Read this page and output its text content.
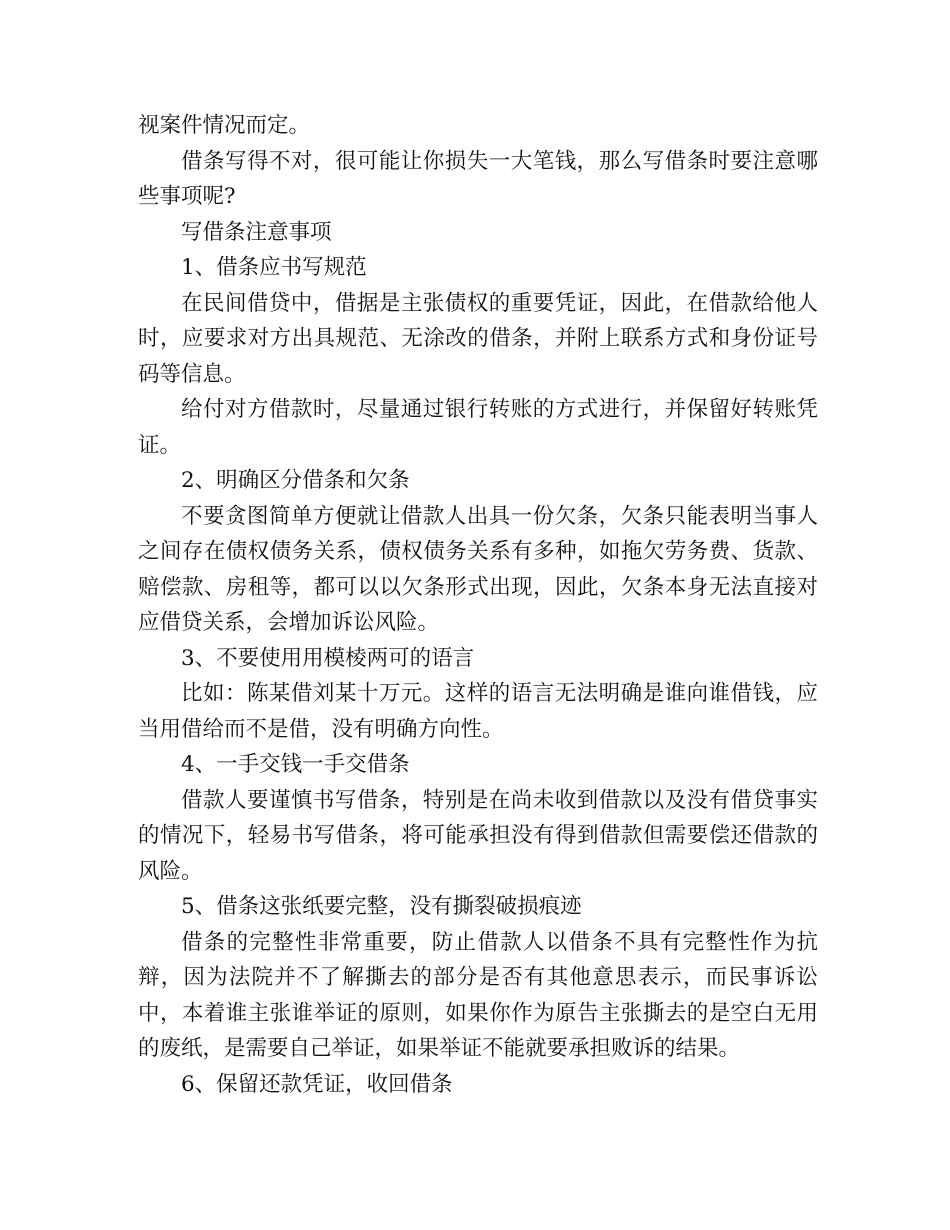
视案件情况而定。

借条写得不对，很可能让你损失一大笔钱，那么写借条时要注意哪些事项呢?

写借条注意事项

1、借条应书写规范

在民间借贷中，借据是主张债权的重要凭证，因此，在借款给他人时，应要求对方出具规范、无涂改的借条，并附上联系方式和身份证号码等信息。

给付对方借款时，尽量通过银行转账的方式进行，并保留好转账凭证。

2、明确区分借条和欠条

不要贪图简单方便就让借款人出具一份欠条，欠条只能表明当事人之间存在债权债务关系，债权债务关系有多种，如拖欠劳务费、货款、赔偿款、房租等，都可以以欠条形式出现，因此，欠条本身无法直接对应借贷关系，会增加诉讼风险。

3、不要使用用模棱两可的语言

比如：陈某借刘某十万元。这样的语言无法明确是谁向谁借钱，应当用借给而不是借，没有明确方向性。

4、一手交钱一手交借条

借款人要谨慎书写借条，特别是在尚未收到借款以及没有借贷事实的情况下，轻易书写借条，将可能承担没有得到借款但需要偿还借款的风险。

5、借条这张纸要完整，没有撕裂破损痕迹

借条的完整性非常重要，防止借款人以借条不具有完整性作为抗辩，因为法院并不了解撕去的部分是否有其他意思表示，而民事诉讼中，本着谁主张谁举证的原则，如果你作为原告主张撕去的是空白无用的废纸，是需要自己举证，如果举证不能就要承担败诉的结果。

6、保留还款凭证，收回借条
